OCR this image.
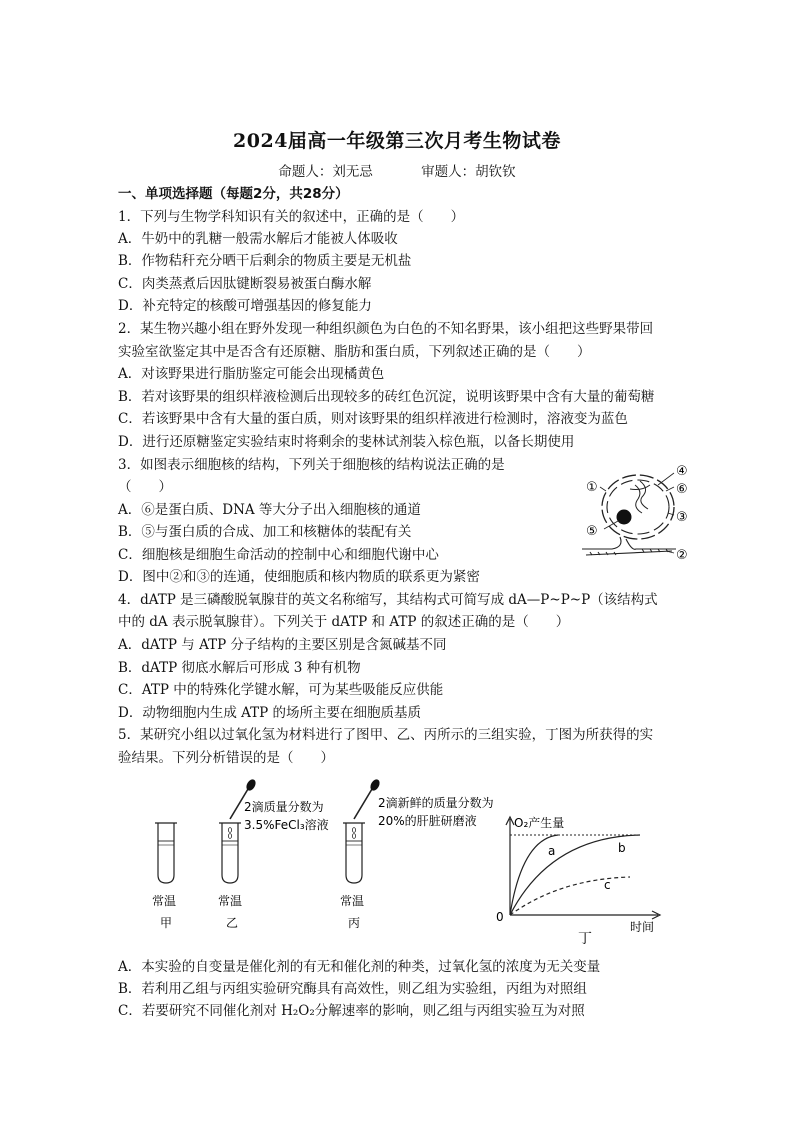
2024届高一年级第三次月考生物试卷
命题人：刘无忌	审题人：胡钦钦
一、单项选择题（每题2分，共28分）
1．下列与生物学科知识有关的叙述中，正确的是（　　）
A．牛奶中的乳糖一般需水解后才能被人体吸收
B．作物秸秆充分晒干后剩余的物质主要是无机盐
C．肉类蒸煮后因肽键断裂易被蛋白酶水解
D．补充特定的核酸可增强基因的修复能力
2．某生物兴趣小组在野外发现一种组织颜色为白色的不知名野果，该小组把这些野果带回
实验室欲鉴定其中是否含有还原糖、脂肪和蛋白质，下列叙述正确的是（　　）
A．对该野果进行脂肪鉴定可能会出现橘黄色
B．若对该野果的组织样液检测后出现较多的砖红色沉淀，说明该野果中含有大量的葡萄糖
C．若该野果中含有大量的蛋白质，则对该野果的组织样液进行检测时，溶液变为蓝色
D．进行还原糖鉴定实验结束时将剩余的斐林试剂装入棕色瓶，以备长期使用
3．如图表示细胞核的结构，下列关于细胞核的结构说法正确的是
（　　）
A．⑥是蛋白质、DNA 等大分子出入细胞核的通道
B．⑤与蛋白质的合成、加工和核糖体的装配有关
C．细胞核是细胞生命活动的控制中心和细胞代谢中心
D．图中②和③的连通，使细胞质和核内物质的联系更为紧密
①
②
③
④
⑤
⑥
4．dATP 是三磷酸脱氧腺苷的英文名称缩写，其结构式可简写成 dA—P~P~P（该结构式
中的 dA 表示脱氧腺苷）。下列关于 dATP 和 ATP 的叙述正确的是（　　）
A．dATP 与 ATP 分子结构的主要区别是含氮碱基不同
B．dATP 彻底水解后可形成 3 种有机物
C．ATP 中的特殊化学键水解，可为某些吸能反应供能
D．动物细胞内生成 ATP 的场所主要在细胞质基质
5．某研究小组以过氧化氢为材料进行了图甲、乙、丙所示的三组实验，丁图为所获得的实
验结果。下列分析错误的是（　　）
2滴质量分数为
3.5%FeCl₃溶液
2滴新鲜的质量分数为
20%的肝脏研磨液
常温
甲
常温
乙
常温
丙
O₂产生量
时间
0
a	b
c
丁
A．本实验的自变量是催化剂的有无和催化剂的种类，过氧化氢的浓度为无关变量
B．若利用乙组与丙组实验研究酶具有高效性，则乙组为实验组，丙组为对照组
C．若要研究不同催化剂对 H₂O₂分解速率的影响，则乙组与丙组实验互为对照
